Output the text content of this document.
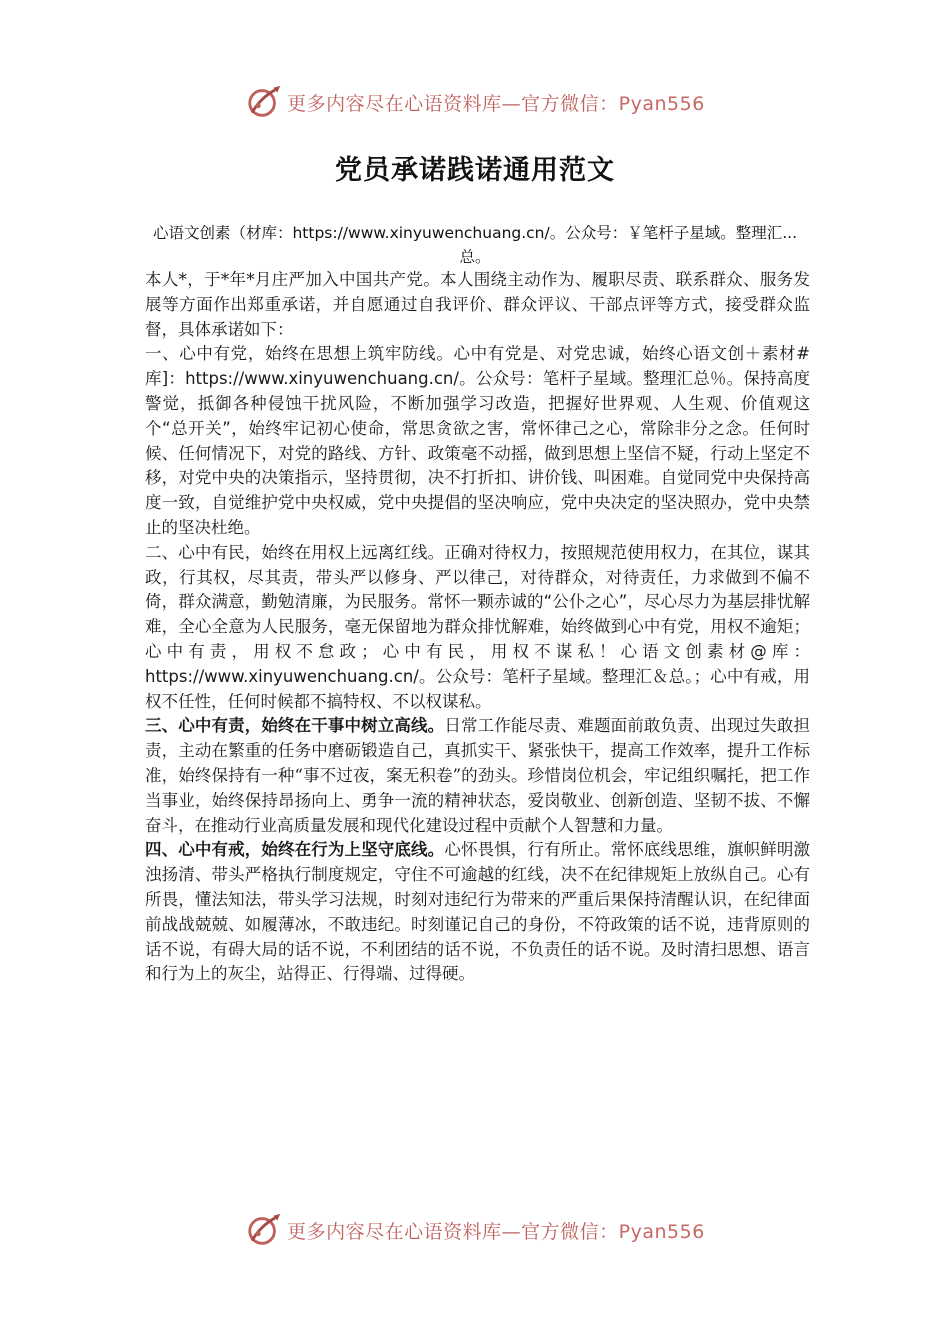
更多内容尽在心语资料库—官方微信：Pyan556
党员承诺践诺通用范文

心语文创素（材库：https://www.xinyuwenchuang.cn/。公众号：￥笔杆子星域。整理汇...总。

本人*，于*年*月庄严加入中国共产党。本人围绕主动作为、履职尽责、联系群众、服务发展等方面作出郑重承诺，并自愿通过自我评价、群众评议、干部点评等方式，接受群众监督，具体承诺如下：

一、心中有党，始终在思想上筑牢防线。心中有党是、对党忠诚，始终心语文创＋素材#库]：https://www.xinyuwenchuang.cn/。公众号：笔杆子星域。整理汇总％。保持高度警觉，抵御各种侵蚀干扰风险，不断加强学习改造，把握好世界观、人生观、价值观这个“总开关”，始终牢记初心使命，常思贪欲之害，常怀律己之心，常除非分之念。任何时候、任何情况下，对党的路线、方针、政策毫不动摇，做到思想上坚信不疑，行动上坚定不移，对党中央的决策指示，坚持贯彻，决不打折扣、讲价钱、叫困难。自觉同党中央保持高度一致，自觉维护党中央权威，党中央提倡的坚决响应，党中央决定的坚决照办，党中央禁止的坚决杜绝。

二、心中有民，始终在用权上远离红线。正确对待权力，按照规范使用权力，在其位，谋其政，行其权，尽其责，带头严以修身、严以律己，对待群众，对待责任，力求做到不偏不倚，群众满意，勤勉清廉，为民服务。常怀一颗赤诚的“公仆之心”，尽心尽力为基层排忧解难，全心全意为人民服务，毫无保留地为群众排忧解难，始终做到心中有党，用权不逾矩；心中有责，用权不怠政；心中有民，用权不谋私！心语文创素材@库：https://www.xinyuwenchuang.cn/。公众号：笔杆子星域。整理汇＆总。；心中有戒，用权不任性，任何时候都不搞特权、不以权谋私。

三、心中有责，始终在干事中树立高线。日常工作能尽责、难题面前敢负责、出现过失敢担责，主动在繁重的任务中磨砺锻造自己，真抓实干、紧张快干，提高工作效率，提升工作标准，始终保持有一种“事不过夜，案无积卷”的劲头。珍惜岗位机会，牢记组织嘱托，把工作当事业，始终保持昂扬向上、勇争一流的精神状态，爱岗敬业、创新创造、坚韧不拔、不懈奋斗，在推动行业高质量发展和现代化建设过程中贡献个人智慧和力量。

四、心中有戒，始终在行为上坚守底线。心怀畏惧，行有所止。常怀底线思维，旗帜鲜明激浊扬清、带头严格执行制度规定，守住不可逾越的红线，决不在纪律规矩上放纵自己。心有所畏，懂法知法，带头学习法规，时刻对违纪行为带来的严重后果保持清醒认识，在纪律面前战战兢兢、如履薄冰，不敢违纪。时刻谨记自己的身份，不符政策的话不说，违背原则的话不说，有碍大局的话不说，不利团结的话不说，不负责任的话不说。及时清扫思想、语言和行为上的灰尘，站得正、行得端、过得硬。

更多内容尽在心语资料库—官方微信：Pyan556
